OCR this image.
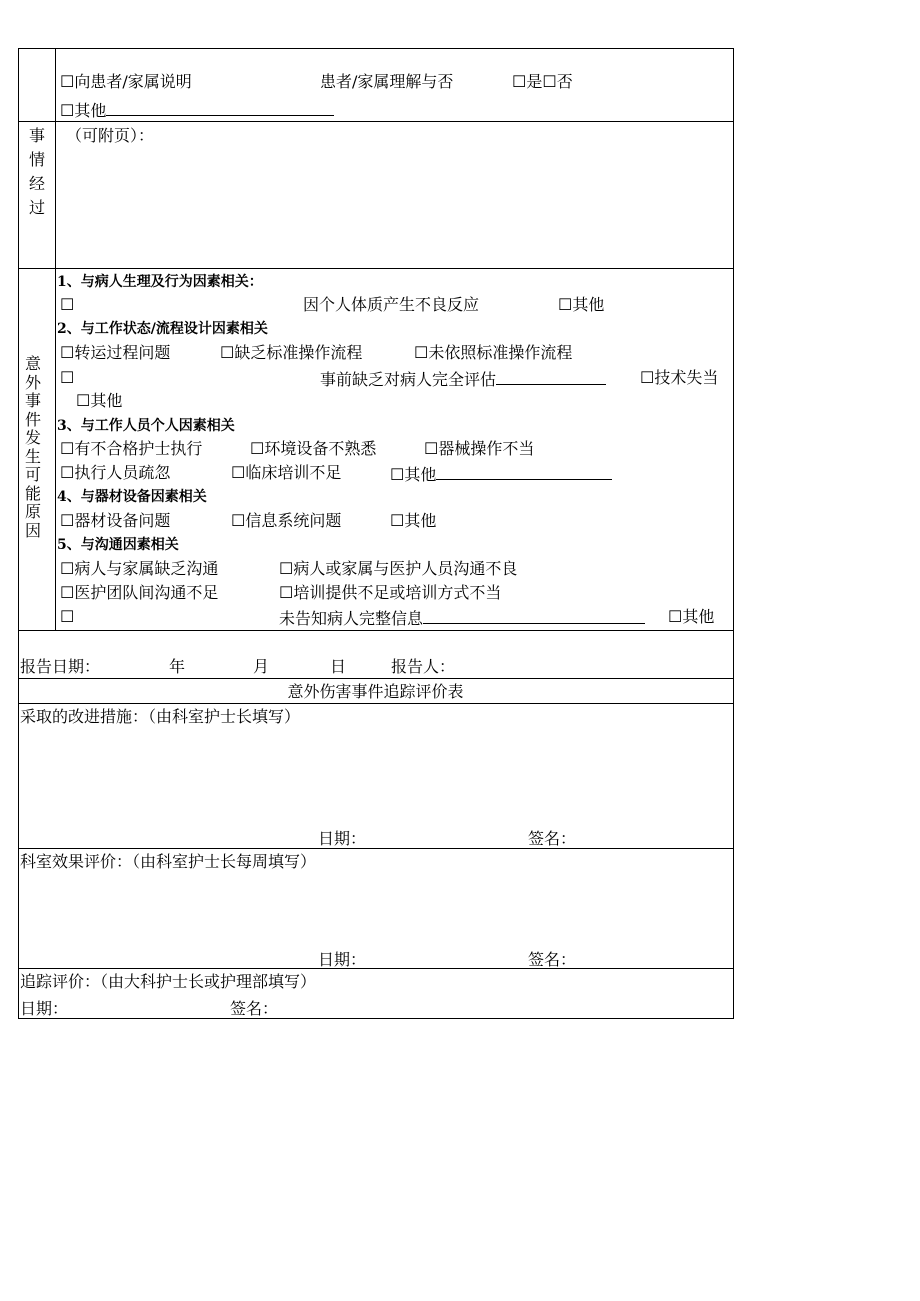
☐向患者/家属说明	患者/家属理解与否	☐是☐否
☐其他
事情经过
（可附页）：
意外事件发生可能原因
1、与病人生理及行为因素相关：
☐	因个人体质产生不良反应	☐其他
2、与工作状态/流程设计因素相关
☐转运过程问题	☐缺乏标准操作流程	☐未依照标准操作流程
☐	事前缺乏对病人完全评估	☐技术失当
☐其他
3、与工作人员个人因素相关
☐有不合格护士执行	☐环境设备不熟悉	☐器械操作不当
☐执行人员疏忽	☐临床培训不足	☐其他
4、与器材设备因素相关
☐器材设备问题	☐信息系统问题	☐其他
5、与沟通因素相关
☐病人与家属缺乏沟通	☐病人或家属与医护人员沟通不良
☐医护团队间沟通不足	☐培训提供不足或培训方式不当
☐	未告知病人完整信息	☐其他
报告日期：	年	月	日	报告人：
意外伤害事件追踪评价表
采取的改进措施：（由科室护士长填写）
日期：	签名：
科室效果评价：（由科室护士长每周填写）
日期：	签名：
追踪评价：（由大科护士长或护理部填写）
日期：	签名：
